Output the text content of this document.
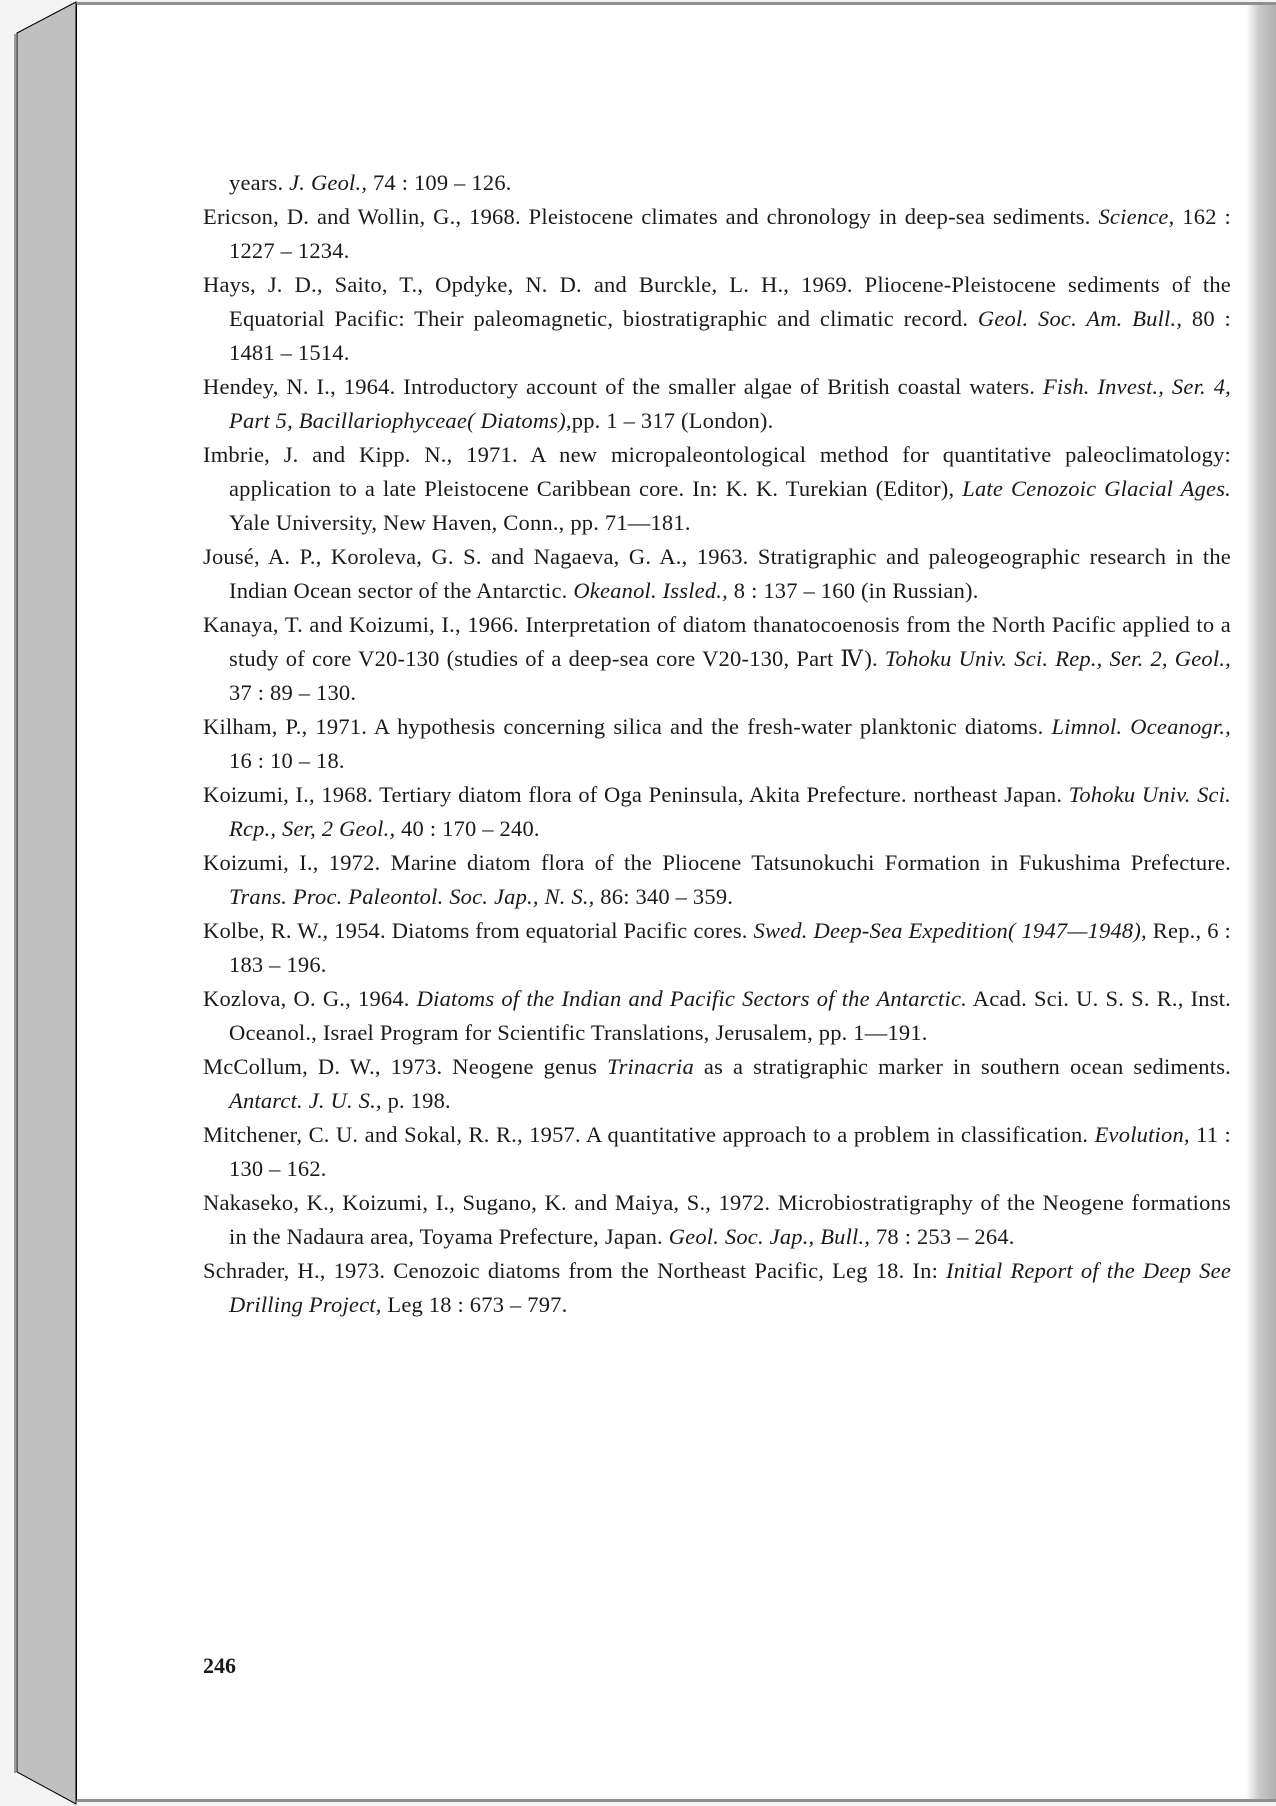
years. J. Geol., 74 : 109 – 126.

Ericson, D. and Wollin, G., 1968. Pleistocene climates and chronology in deep-sea sediments. Science, 162 : 1227 – 1234.

Hays, J. D., Saito, T., Opdyke, N. D. and Burckle, L. H., 1969. Pliocene-Pleistocene sediments of the Equatorial Pacific: Their paleomagnetic, biostratigraphic and climatic record. Geol. Soc. Am. Bull., 80 : 1481 – 1514.

Hendey, N. I., 1964. Introductory account of the smaller algae of British coastal waters. Fish. Invest., Ser. 4, Part 5, Bacillariophyceae( Diatoms),pp. 1 – 317 (London).

Imbrie, J. and Kipp. N., 1971. A new micropaleontological method for quantitative paleoclimatology: application to a late Pleistocene Caribbean core. In: K. K. Turekian (Editor), Late Cenozoic Glacial Ages. Yale University, New Haven, Conn., pp. 71—181.

Jousé, A. P., Koroleva, G. S. and Nagaeva, G. A., 1963. Stratigraphic and paleogeographic research in the Indian Ocean sector of the Antarctic. Okeanol. Issled., 8 : 137 – 160 (in Russian).

Kanaya, T. and Koizumi, I., 1966. Interpretation of diatom thanatocoenosis from the North Pacific applied to a study of core V20-130 (studies of a deep-sea core V20-130, Part Ⅳ). Tohoku Univ. Sci. Rep., Ser. 2, Geol., 37 : 89 – 130.

Kilham, P., 1971. A hypothesis concerning silica and the fresh-water planktonic diatoms. Limnol. Oceanogr., 16 : 10 – 18.

Koizumi, I., 1968. Tertiary diatom flora of Oga Peninsula, Akita Prefecture. northeast Japan. Tohoku Univ. Sci. Rcp., Ser, 2 Geol., 40 : 170 – 240.

Koizumi, I., 1972. Marine diatom flora of the Pliocene Tatsunokuchi Formation in Fukushima Prefecture. Trans. Proc. Paleontol. Soc. Jap., N. S., 86: 340 – 359.

Kolbe, R. W., 1954. Diatoms from equatorial Pacific cores. Swed. Deep-Sea Expedition( 1947—1948), Rep., 6 : 183 – 196.

Kozlova, O. G., 1964. Diatoms of the Indian and Pacific Sectors of the Antarctic. Acad. Sci. U. S. S. R., Inst. Oceanol., Israel Program for Scientific Translations, Jerusalem, pp. 1—191.

McCollum, D. W., 1973. Neogene genus Trinacria as a stratigraphic marker in southern ocean sediments. Antarct. J. U. S., p. 198.

Mitchener, C. U. and Sokal, R. R., 1957. A quantitative approach to a problem in classification. Evolution, 11 : 130 – 162.

Nakaseko, K., Koizumi, I., Sugano, K. and Maiya, S., 1972. Microbiostratigraphy of the Neogene formations in the Nadaura area, Toyama Prefecture, Japan. Geol. Soc. Jap., Bull., 78 : 253 – 264.

Schrader, H., 1973. Cenozoic diatoms from the Northeast Pacific, Leg 18. In: Initial Report of the Deep See Drilling Project, Leg 18 : 673 – 797.

246
